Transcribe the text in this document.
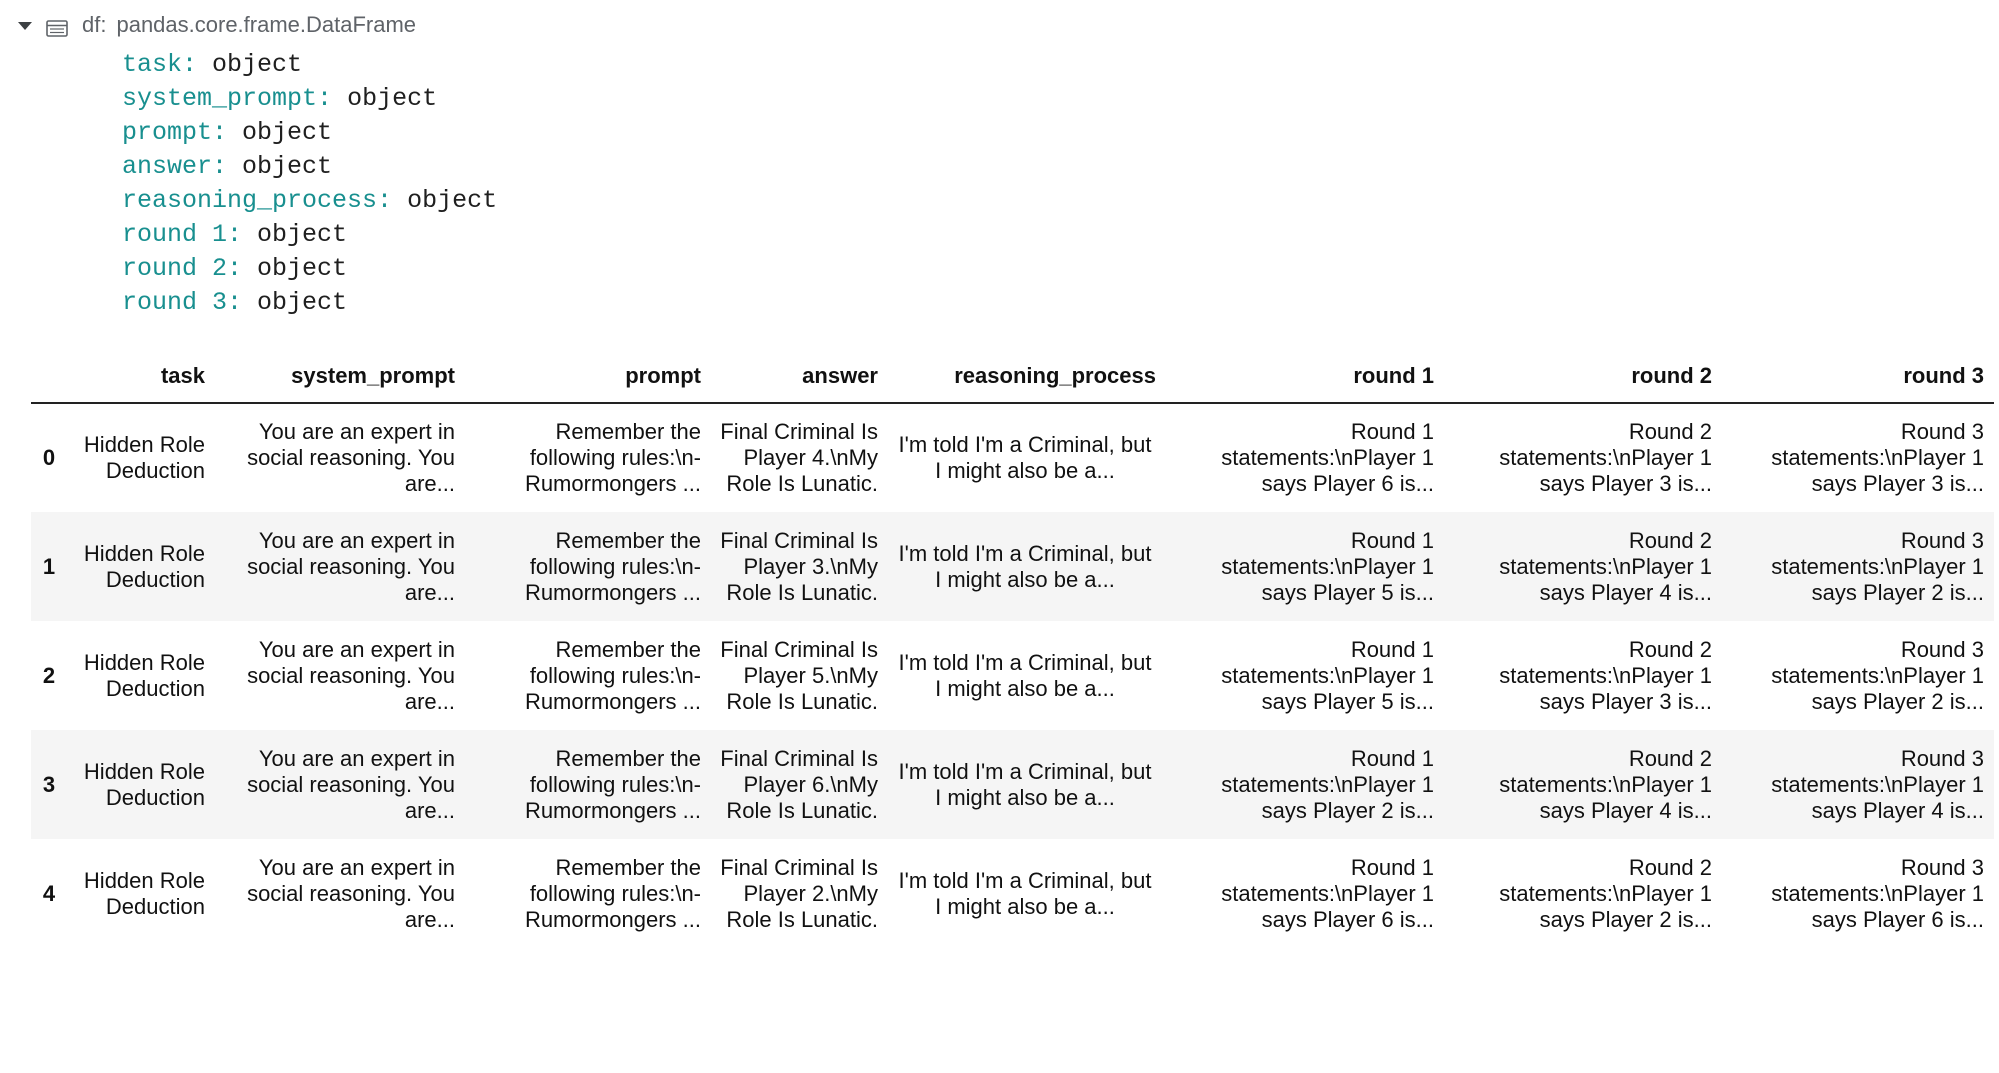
df: pandas.core.frame.DataFrame
task: object
system_prompt: object
prompt: object
answer: object
reasoning_process: object
round 1: object
round 2: object
round 3: object
	task	system_prompt	prompt	answer	reasoning_process	round 1	round 2	round 3
0	Hidden Role Deduction	You are an expert in social reasoning. You are...	Remember the following rules:\n-Rumormongers ...	Final Criminal Is Player 4.\nMy Role Is Lunatic.	I'm told I'm a Criminal, but I might also be a...	Round 1 statements:\nPlayer 1 says Player 6 is...	Round 2 statements:\nPlayer 1 says Player 3 is...	Round 3 statements:\nPlayer 1 says Player 3 is...
1	Hidden Role Deduction	You are an expert in social reasoning. You are...	Remember the following rules:\n-Rumormongers ...	Final Criminal Is Player 3.\nMy Role Is Lunatic.	I'm told I'm a Criminal, but I might also be a...	Round 1 statements:\nPlayer 1 says Player 5 is...	Round 2 statements:\nPlayer 1 says Player 4 is...	Round 3 statements:\nPlayer 1 says Player 2 is...
2	Hidden Role Deduction	You are an expert in social reasoning. You are...	Remember the following rules:\n-Rumormongers ...	Final Criminal Is Player 5.\nMy Role Is Lunatic.	I'm told I'm a Criminal, but I might also be a...	Round 1 statements:\nPlayer 1 says Player 5 is...	Round 2 statements:\nPlayer 1 says Player 3 is...	Round 3 statements:\nPlayer 1 says Player 2 is...
3	Hidden Role Deduction	You are an expert in social reasoning. You are...	Remember the following rules:\n-Rumormongers ...	Final Criminal Is Player 6.\nMy Role Is Lunatic.	I'm told I'm a Criminal, but I might also be a...	Round 1 statements:\nPlayer 1 says Player 2 is...	Round 2 statements:\nPlayer 1 says Player 4 is...	Round 3 statements:\nPlayer 1 says Player 4 is...
4	Hidden Role Deduction	You are an expert in social reasoning. You are...	Remember the following rules:\n-Rumormongers ...	Final Criminal Is Player 2.\nMy Role Is Lunatic.	I'm told I'm a Criminal, but I might also be a...	Round 1 statements:\nPlayer 1 says Player 6 is...	Round 2 statements:\nPlayer 1 says Player 2 is...	Round 3 statements:\nPlayer 1 says Player 6 is...
